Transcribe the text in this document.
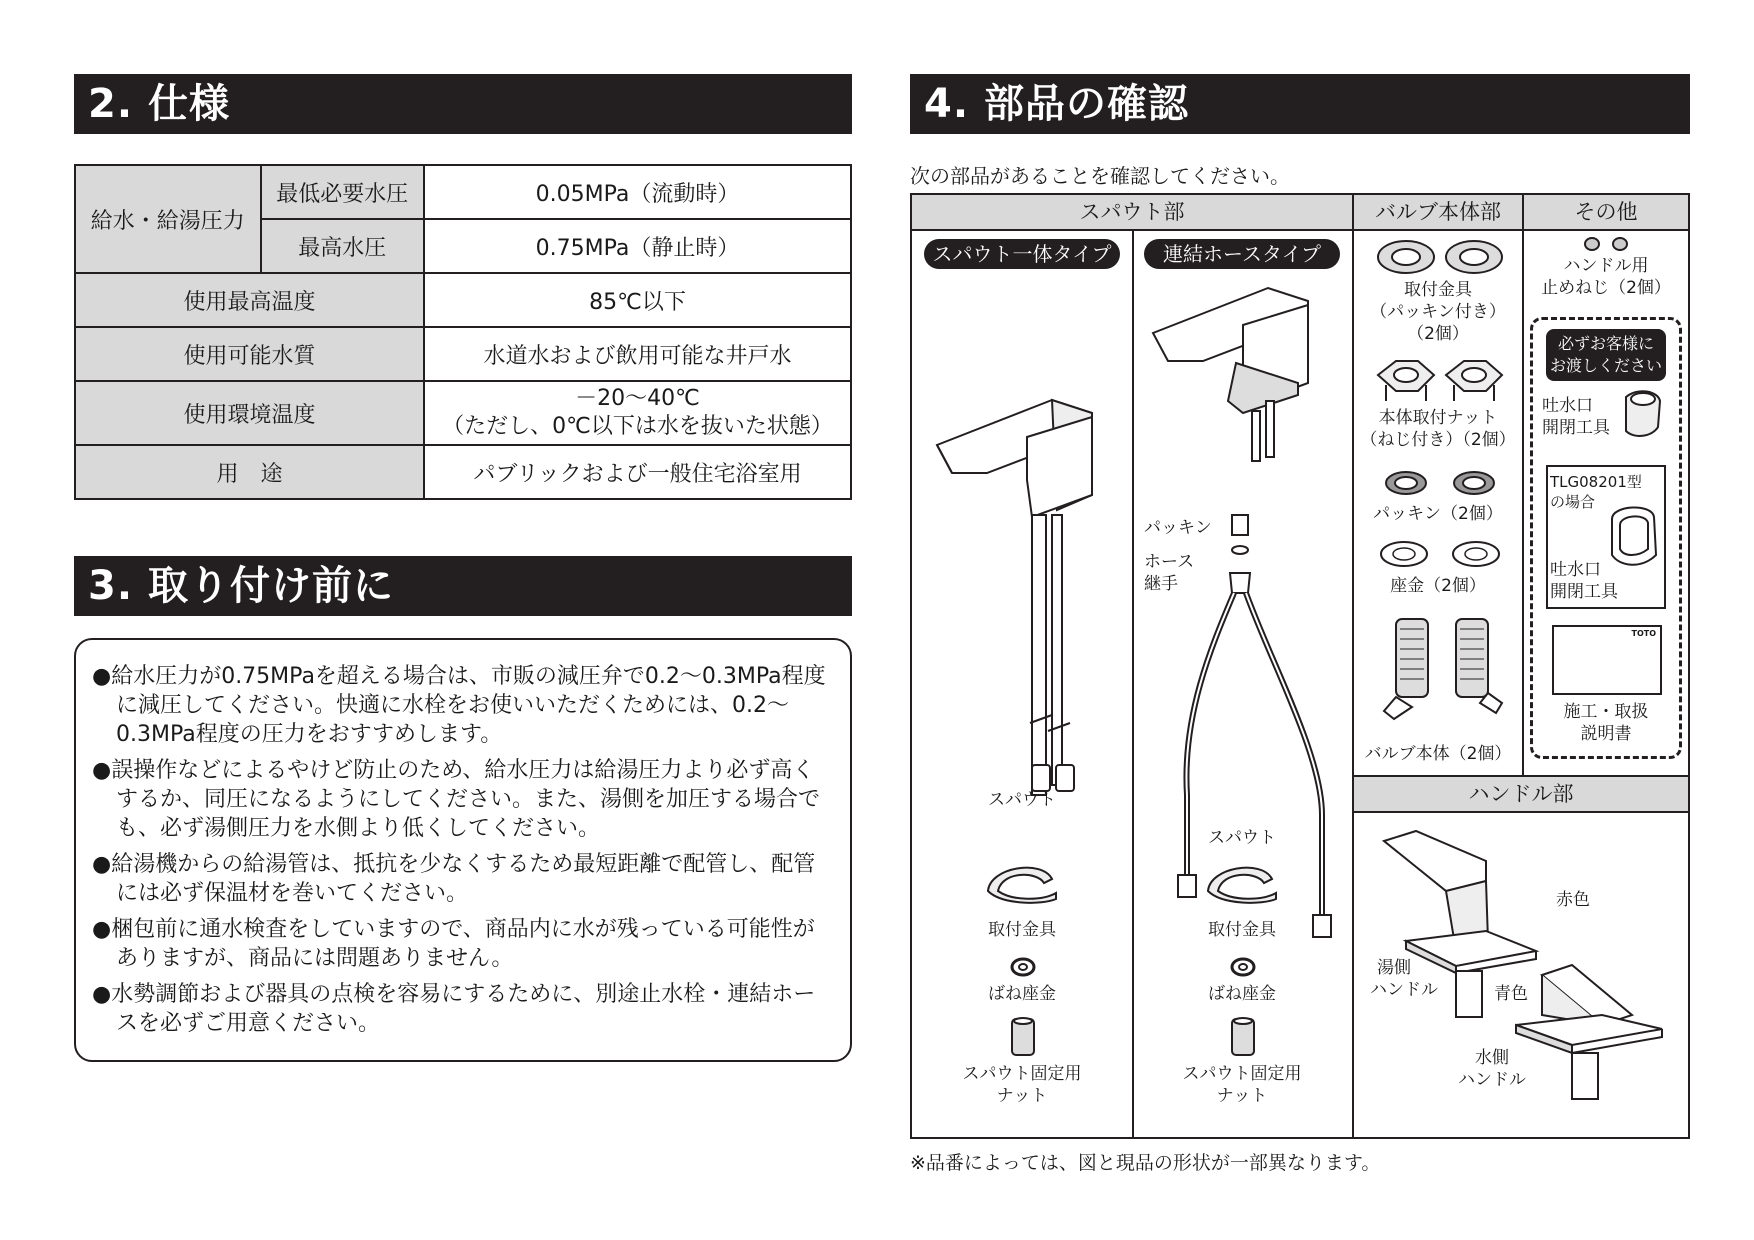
2. 仕様
給水・給湯圧力	最低必要水圧	0.05MPa（流動時）
	最高水圧	0.75MPa（静止時）
使用最高温度		85℃以下
使用可能水質		水道水および飲用可能な井戸水
使用環境温度		－20～40℃
（ただし、0℃以下は水を抜いた状態）

用　途		パブリックおよび一般住宅浴室用
3. 取り付け前に
●給水圧力が0.75MPaを超える場合は、市販の減圧弁で0.2～0.3MPa程度に減圧してください。快適に水栓をお使いいただくためには、0.2～0.3MPa程度の圧力をおすすめします。
●誤操作などによるやけど防止のため、給水圧力は給湯圧力より必ず高くするか、同圧になるようにしてください。また、湯側を加圧する場合でも、必ず湯側圧力を水側より低くしてください。
●給湯機からの給湯管は、抵抗を少なくするため最短距離で配管し、配管には必ず保温材を巻いてください。
●梱包前に通水検査をしていますので、商品内に水が残っている可能性がありますが、商品には問題ありません。
●水勢調節および器具の点検を容易にするために、別途止水栓・連結ホースを必ずご用意ください。
4. 部品の確認
次の部品があることを確認してください。
スパウト部	バルブ本体部	その他
ハンドル部
スパウト一体タイプ	連結ホースタイプ
スパウト
パッキン
ホース
継手
スパウト
取付金具
ばね座金
スパウト固定用
ナット
取付金具
ばね座金
スパウト固定用
ナット
取付金具
（パッキン付き）
（2個）
本体取付ナット
（ねじ付き）（2個）
パッキン（2個）
座金（2個）
バルブ本体（2個）
ハンドル用
止めねじ（2個）
必ずお客様に
お渡しください
吐水口
開閉工具
TLG08201型
の場合
吐水口
開閉工具
TOTO
施工・取扱
説明書
赤色
湯側
ハンドル	青色
水側
ハンドル
※品番によっては、図と現品の形状が一部異なります。
